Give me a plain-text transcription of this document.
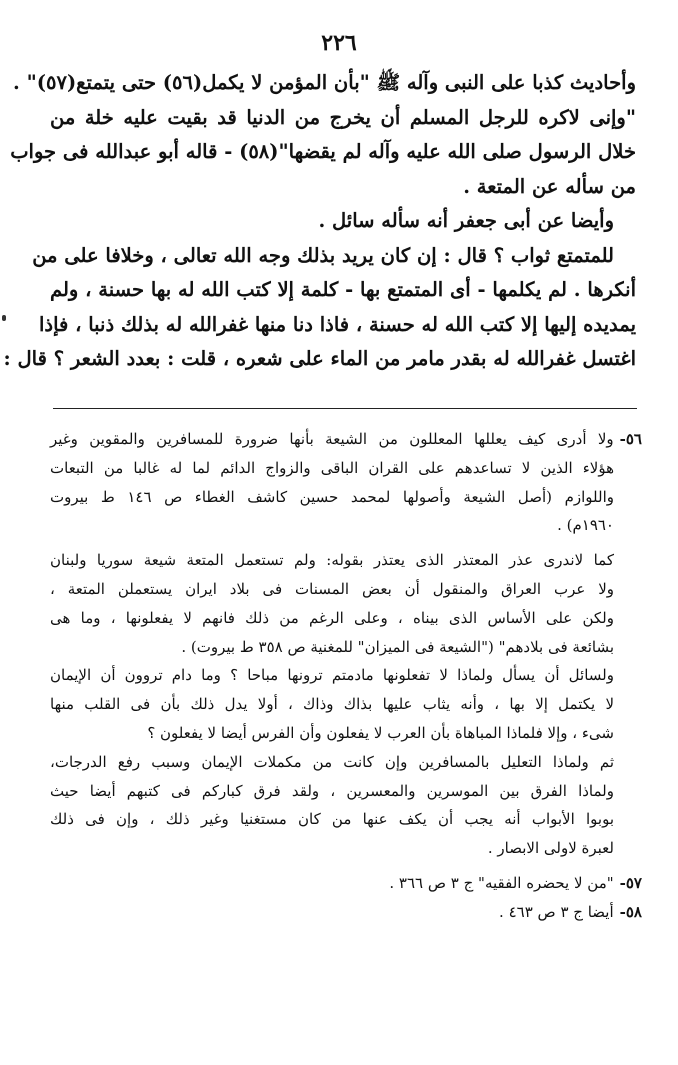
٢٢٦
وأحاديث كذبا على النبى وآله ﷺ "بأن المؤمن لا يكمل(٥٦) حتى يتمتع(٥٧)" .
"وإنى لاكره للرجل المسلم أن يخرج من الدنيا قد بقيت عليه خلة من
خلال الرسول صلى الله عليه وآله لم يقضها"(٥٨) - قاله أبو عبدالله فى جواب
من سأله عن المتعة .
وأيضا عن أبى جعفر أنه سأله سائل .
للمتمتع ثواب ؟ قال : إن كان يريد بذلك وجه الله تعالى ، وخلافا على من
أنكرها . لم يكلمها - أى المتمتع بها - كلمة إلا كتب الله له بها حسنة ، ولم
يمديده إليها إلا كتب الله له حسنة ، فاذا دنا منها غفرالله له بذلك ذنبا ، فإذا
اغتسل غفرالله له بقدر مامر من الماء على شعره ، قلت : بعدد الشعر ؟ قال :
٥٦-ولا أدرى كيف يعللها المعللون من الشيعة بأنها ضرورة للمسافرين والمقوين وغير
هؤلاء الذين لا تساعدهم على القران الباقى والزواج الدائم لما له غالبا من التبعات
واللوازم (أصل الشيعة وأصولها لمحمد حسين كاشف الغطاء ص ١٤٦ ط بيروت
١٩٦٠م) .
كما لاندرى عذر المعتذر الذى يعتذر بقوله: ولم تستعمل المتعة شيعة سوريا ولبنان
ولا عرب العراق والمنقول أن بعض المسنات فى بلاد ايران يستعملن المتعة ،
ولكن على الأساس الذى بيناه ، وعلى الرغم من ذلك فانهم لا يفعلونها ، وما هى
بشائعة فى بلادهم" ("الشيعة فى الميزان" للمغنية ص ٣٥٨ ط بيروت) .
ولسائل أن يسأل ولماذا لا تفعلونها مادمتم ترونها مباحا ؟ وما دام تروون أن الإيمان
لا يكتمل إلا بها ، وأنه يثاب عليها بذاك وذاك ، أولا يدل ذلك بأن فى القلب منها
شىء ، وإلا فلماذا المباهاة بأن العرب لا يفعلون وأن الفرس أيضا لا يفعلون ؟
ثم ولماذا التعليل بالمسافرين وإن كانت من مكملات الإيمان وسبب رفع الدرجات،
ولماذا الفرق بين الموسرين والمعسرين ، ولقد فرق كباركم فى كتبهم أيضا حيث
بوبوا الأبواب أنه يجب أن يكف عنها من كان مستغنيا وغير ذلك ، وإن فى ذلك
لعبرة لاولى الابصار .
٥٧-"من لا يحضره الفقيه" ج ٣ ص ٣٦٦ .
٥٨-أيضا ج ٣ ص ٤٦٣ .
